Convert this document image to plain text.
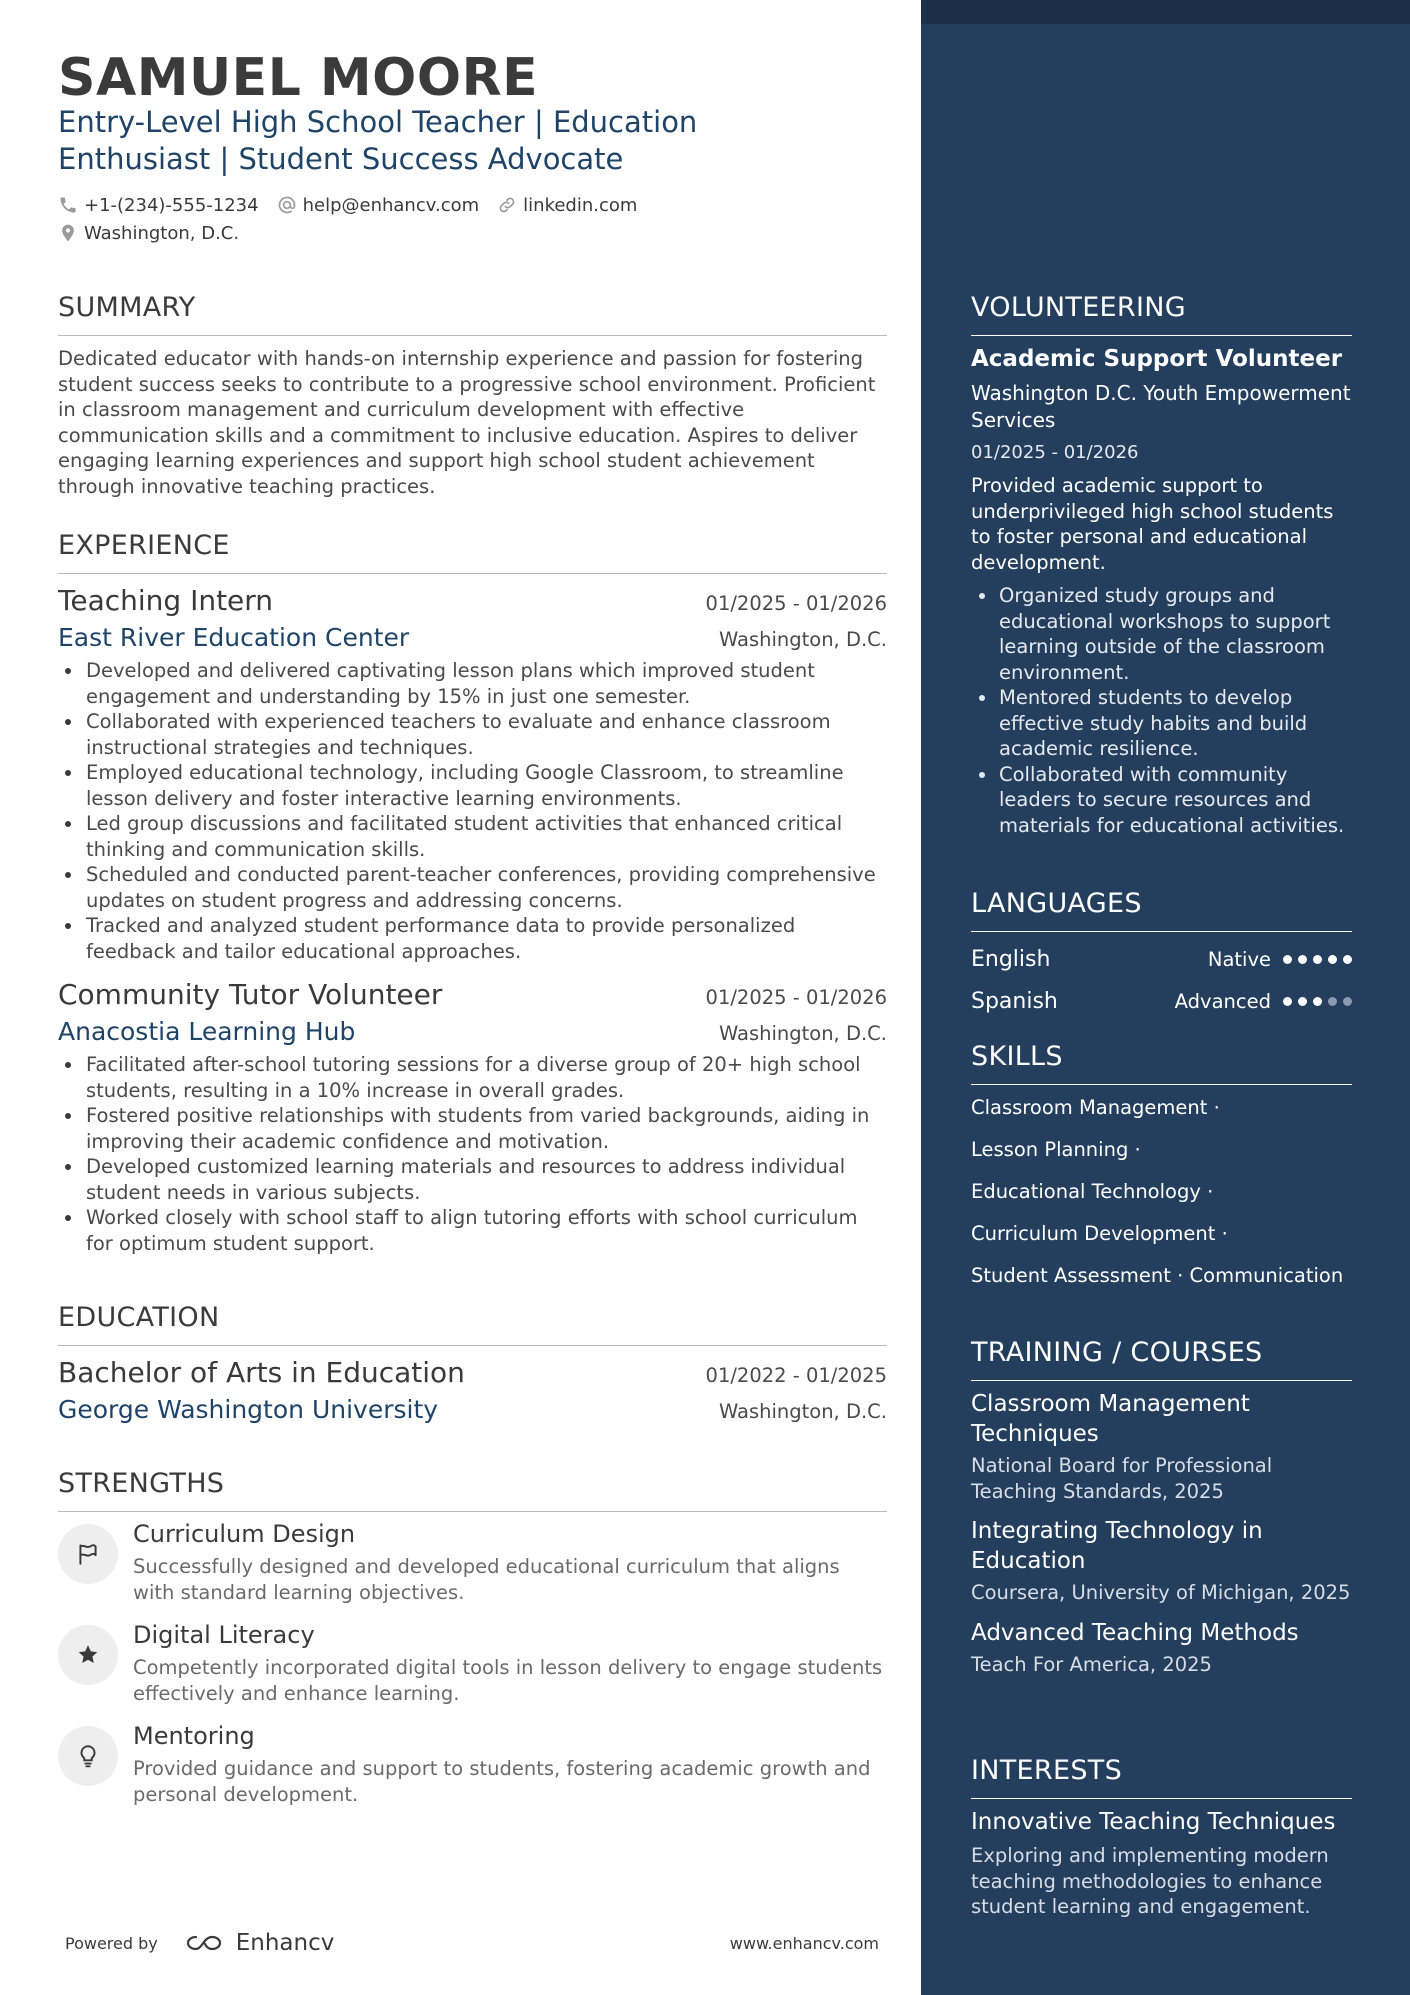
SAMUEL MOORE
Entry-Level High School Teacher | Education Enthusiast | Student Success Advocate
+1-(234)-555-1234 help@enhancv.com linkedin.com
Washington, D.C.
SUMMARY
Dedicated educator with hands-on internship experience and passion for fostering student success seeks to contribute to a progressive school environment. Proficient in classroom management and curriculum development with effective communication skills and a commitment to inclusive education. Aspires to deliver engaging learning experiences and support high school student achievement through innovative teaching practices.
EXPERIENCE
Teaching Intern	01/2025 - 01/2026
East River Education Center	Washington, D.C.
Developed and delivered captivating lesson plans which improved student engagement and understanding by 15% in just one semester.
Collaborated with experienced teachers to evaluate and enhance classroom instructional strategies and techniques.
Employed educational technology, including Google Classroom, to streamline lesson delivery and foster interactive learning environments.
Led group discussions and facilitated student activities that enhanced critical thinking and communication skills.
Scheduled and conducted parent-teacher conferences, providing comprehensive updates on student progress and addressing concerns.
Tracked and analyzed student performance data to provide personalized feedback and tailor educational approaches.
Community Tutor Volunteer	01/2025 - 01/2026
Anacostia Learning Hub	Washington, D.C.
Facilitated after-school tutoring sessions for a diverse group of 20+ high school students, resulting in a 10% increase in overall grades.
Fostered positive relationships with students from varied backgrounds, aiding in improving their academic confidence and motivation.
Developed customized learning materials and resources to address individual student needs in various subjects.
Worked closely with school staff to align tutoring efforts with school curriculum for optimum student support.
EDUCATION
Bachelor of Arts in Education	01/2022 - 01/2025
George Washington University	Washington, D.C.
STRENGTHS
Curriculum Design
Successfully designed and developed educational curriculum that aligns with standard learning objectives.
Digital Literacy
Competently incorporated digital tools in lesson delivery to engage students effectively and enhance learning.
Mentoring
Provided guidance and support to students, fostering academic growth and personal development.
Powered by	Enhancv	www.enhancv.com
VOLUNTEERING
Academic Support Volunteer
Washington D.C. Youth Empowerment Services
01/2025 - 01/2026
Provided academic support to underprivileged high school students to foster personal and educational development.
Organized study groups and educational workshops to support learning outside of the classroom environment.
Mentored students to develop effective study habits and build academic resilience.
Collaborated with community leaders to secure resources and materials for educational activities.
LANGUAGES
English	Native
Spanish	Advanced
SKILLS
Classroom Management ·
Lesson Planning ·
Educational Technology ·
Curriculum Development ·
Student Assessment · Communication
TRAINING / COURSES
Classroom Management Techniques
National Board for Professional Teaching Standards, 2025
Integrating Technology in Education
Coursera, University of Michigan, 2025
Advanced Teaching Methods
Teach For America, 2025
INTERESTS
Innovative Teaching Techniques
Exploring and implementing modern teaching methodologies to enhance student learning and engagement.
